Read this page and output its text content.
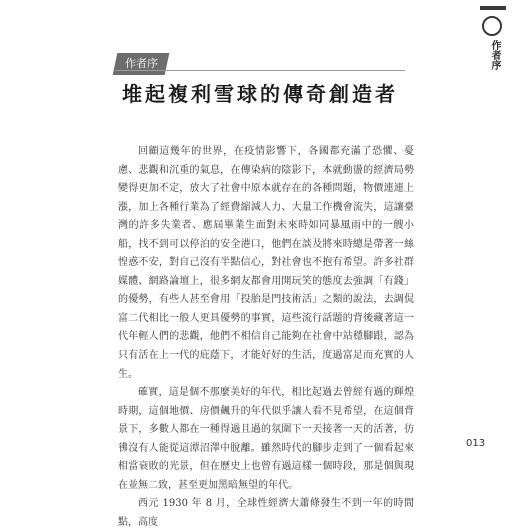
作者序
作者序
堆起複利雪球的傳奇創造者

回顧這幾年的世界，在疫情影響下，各國都充滿了恐懼、憂慮、悲觀和沉重的氣息，在傳染病的陰影下，本就動盪的經濟局勢變得更加不定，放大了社會中原本就存在的各種問題，物價連連上漲，加上各種行業為了經費縮減人力、大量工作機會流失，這讓臺灣的許多失業者、應屆畢業生面對未來時如同暴風雨中的一艘小船，找不到可以停泊的安全港口，他們在談及將來時總是帶著一絲惶惑不安，對自己沒有半點信心，對社會也不抱有希望。許多社群媒體、網路論壇上，很多網友都會用開玩笑的態度去強調「有錢」的優勢，有些人甚至會用「投胎是門技術活」之類的說法，去調侃富二代相比一般人更具優勢的事實，這些流行話題的背後藏著這一代年輕人們的悲觀，他們不相信自己能夠在社會中站穩腳跟，認為只有活在上一代的庇蔭下，才能好好的生活，度過富足而充實的人生。

確實，這是個不那麼美好的年代，相比起過去曾經有過的輝煌時期，這個地價、房價飆升的年代似乎讓人看不見希望，在這個背景下，多數人都在一種得過且過的氛圍下一天接著一天的活著，彷彿沒有人能從這潭沼澤中脫離。雖然時代的腳步走到了一個看起來相當衰敗的光景，但在歷史上也曾有過這樣一個時段，那是個與現在並無二致，甚至更加黑暗無望的年代。

西元 1930 年 8 月，全球性經濟大蕭條發生不到一年的時間點，高度

013
